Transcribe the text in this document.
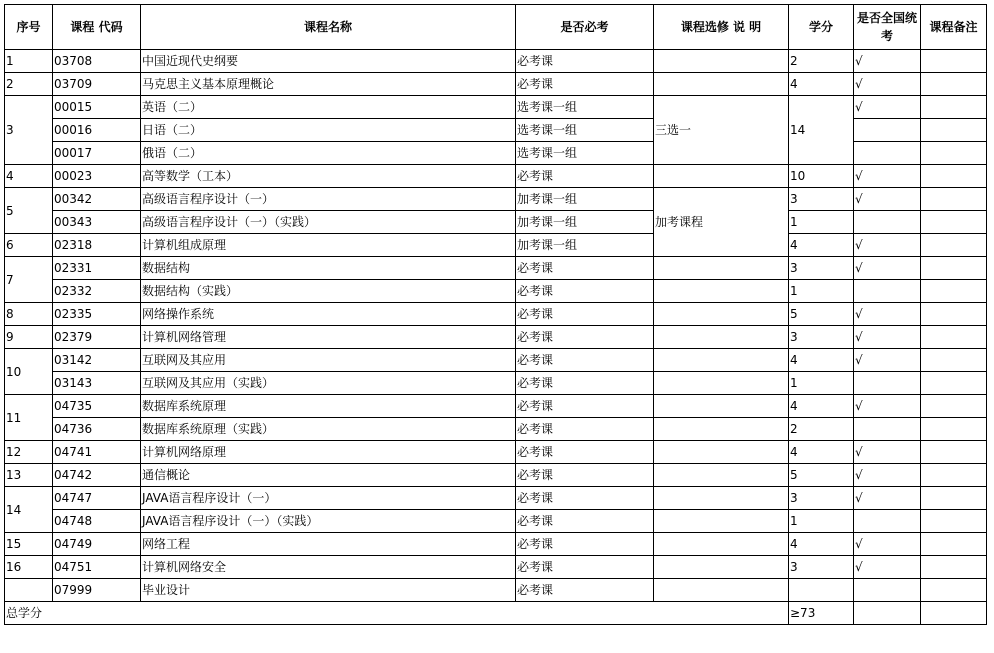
序号	课程 代码	课程名称	是否必考	课程选修 说 明	学分	是否全国统考	课程备注
1	03708	中国近现代史纲要	必考课		2	√	
2	03709	马克思主义基本原理概论	必考课		4	√	
3	00015	英语（二）	选考课一组	三选一	14	√	
	00016	日语（二）	选考课一组				
	00017	俄语（二）	选考课一组				
4	00023	高等数学（工本）	必考课		10	√	
5	00342	高级语言程序设计（一）	加考课一组	加考课程	3	√	
	00343	高级语言程序设计（一）（实践）	加考课一组		1		
6	02318	计算机组成原理	加考课一组		4	√	
7	02331	数据结构	必考课		3	√	
	02332	数据结构（实践）	必考课		1		
8	02335	网络操作系统	必考课		5	√	
9	02379	计算机网络管理	必考课		3	√	
10	03142	互联网及其应用	必考课		4	√	
	03143	互联网及其应用（实践）	必考课		1		
11	04735	数据库系统原理	必考课		4	√	
	04736	数据库系统原理（实践）	必考课		2		
12	04741	计算机网络原理	必考课		4	√	
13	04742	通信概论	必考课		5	√	
14	04747	JAVA语言程序设计（一）	必考课		3	√	
	04748	JAVA语言程序设计（一）（实践）	必考课		1		
15	04749	网络工程	必考课		4	√	
16	04751	计算机网络安全	必考课		3	√	
	07999	毕业设计	必考课				
总学分					≥73		
